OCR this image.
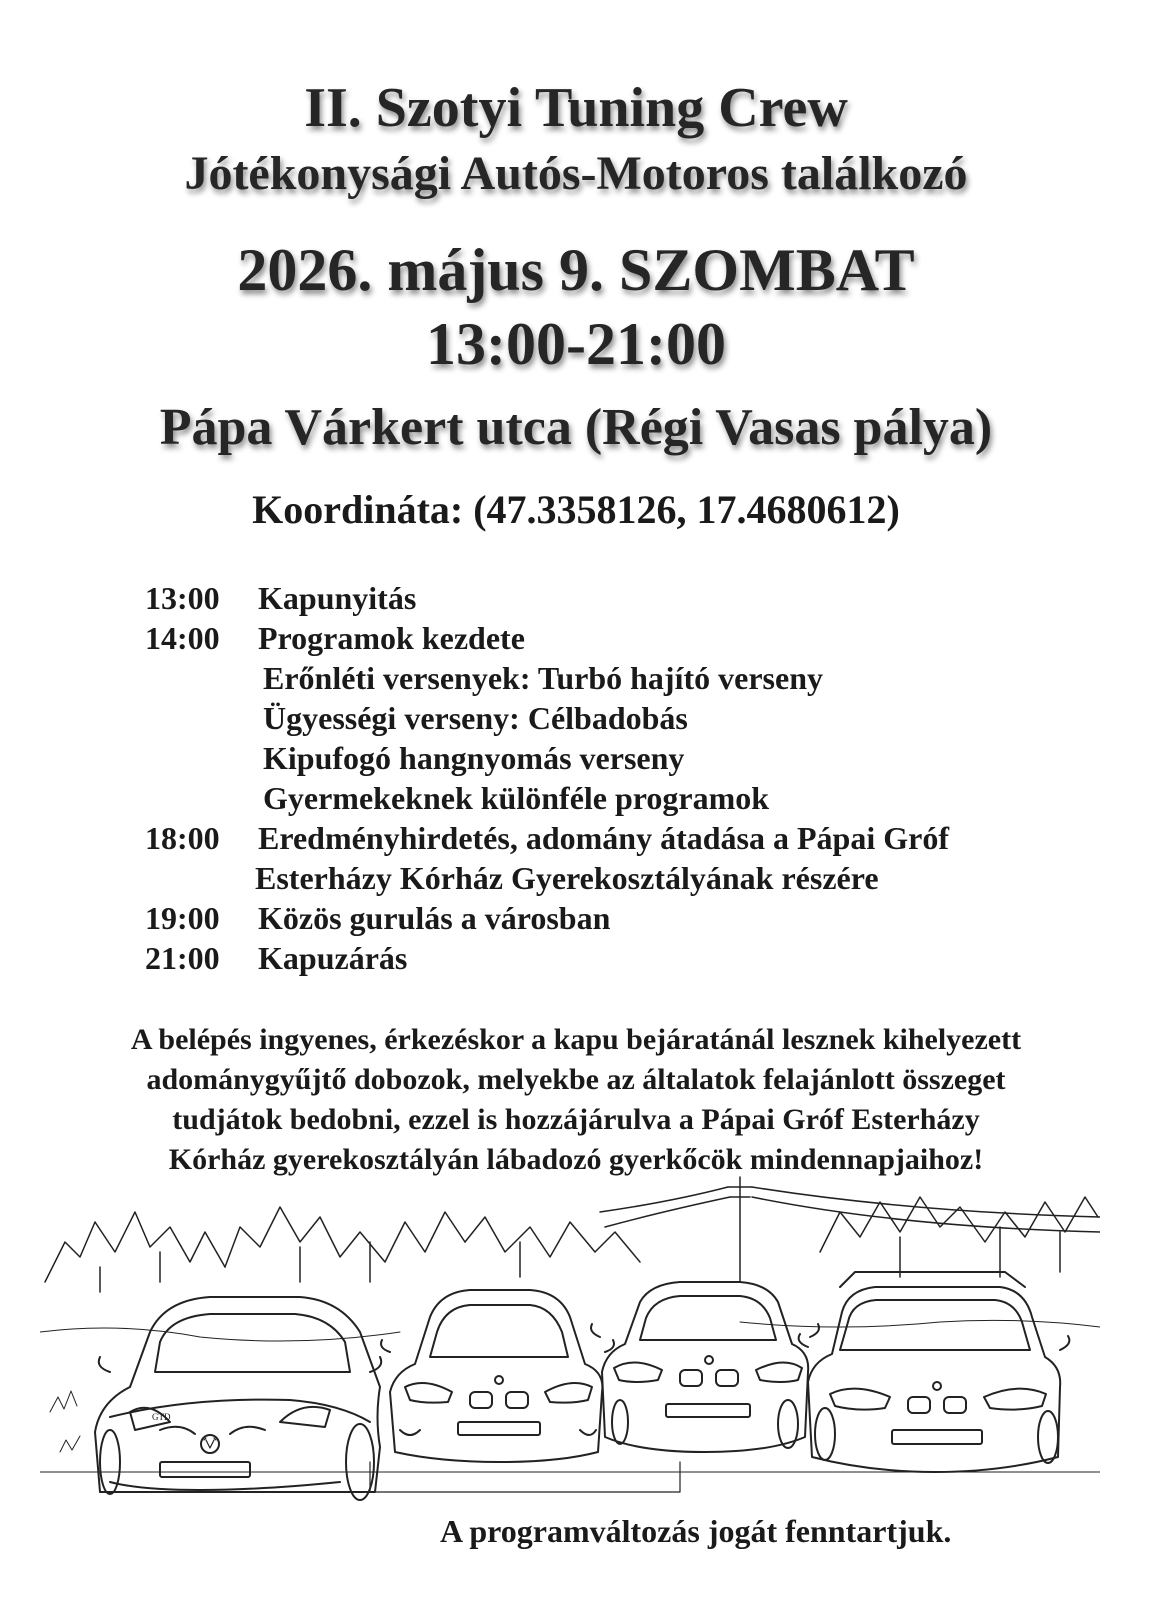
II. Szotyi Tuning Crew
Jótékonysági Autós-Motoros találkozó
2026. május 9. SZOMBAT
13:00-21:00
Pápa Várkert utca (Régi Vasas pálya)
Koordináta: (47.3358126, 17.4680612)
13:00 Kapunyitás
14:00 Programok kezdete
Erőnléti versenyek: Turbó hajító verseny
Ügyességi verseny: Célbadobás
Kipufogó hangnyomás verseny
Gyermekeknek különféle programok
18:00 Eredményhirdetés, adomány átadása a Pápai Gróf
Esterházy Kórház Gyerekosztályának részére
19:00 Közös gurulás a városban
21:00 Kapuzárás
A belépés ingyenes, érkezéskor a kapu bejáratánál lesznek kihelyezett
adománygyűjtő dobozok, melyekbe az általatok felajánlott összeget
tudjátok bedobni, ezzel is hozzájárulva a Pápai Gróf Esterházy
Kórház gyerekosztályán lábadozó gyerkőcök mindennapjaihoz!
GTD
A programváltozás jogát fenntartjuk.
